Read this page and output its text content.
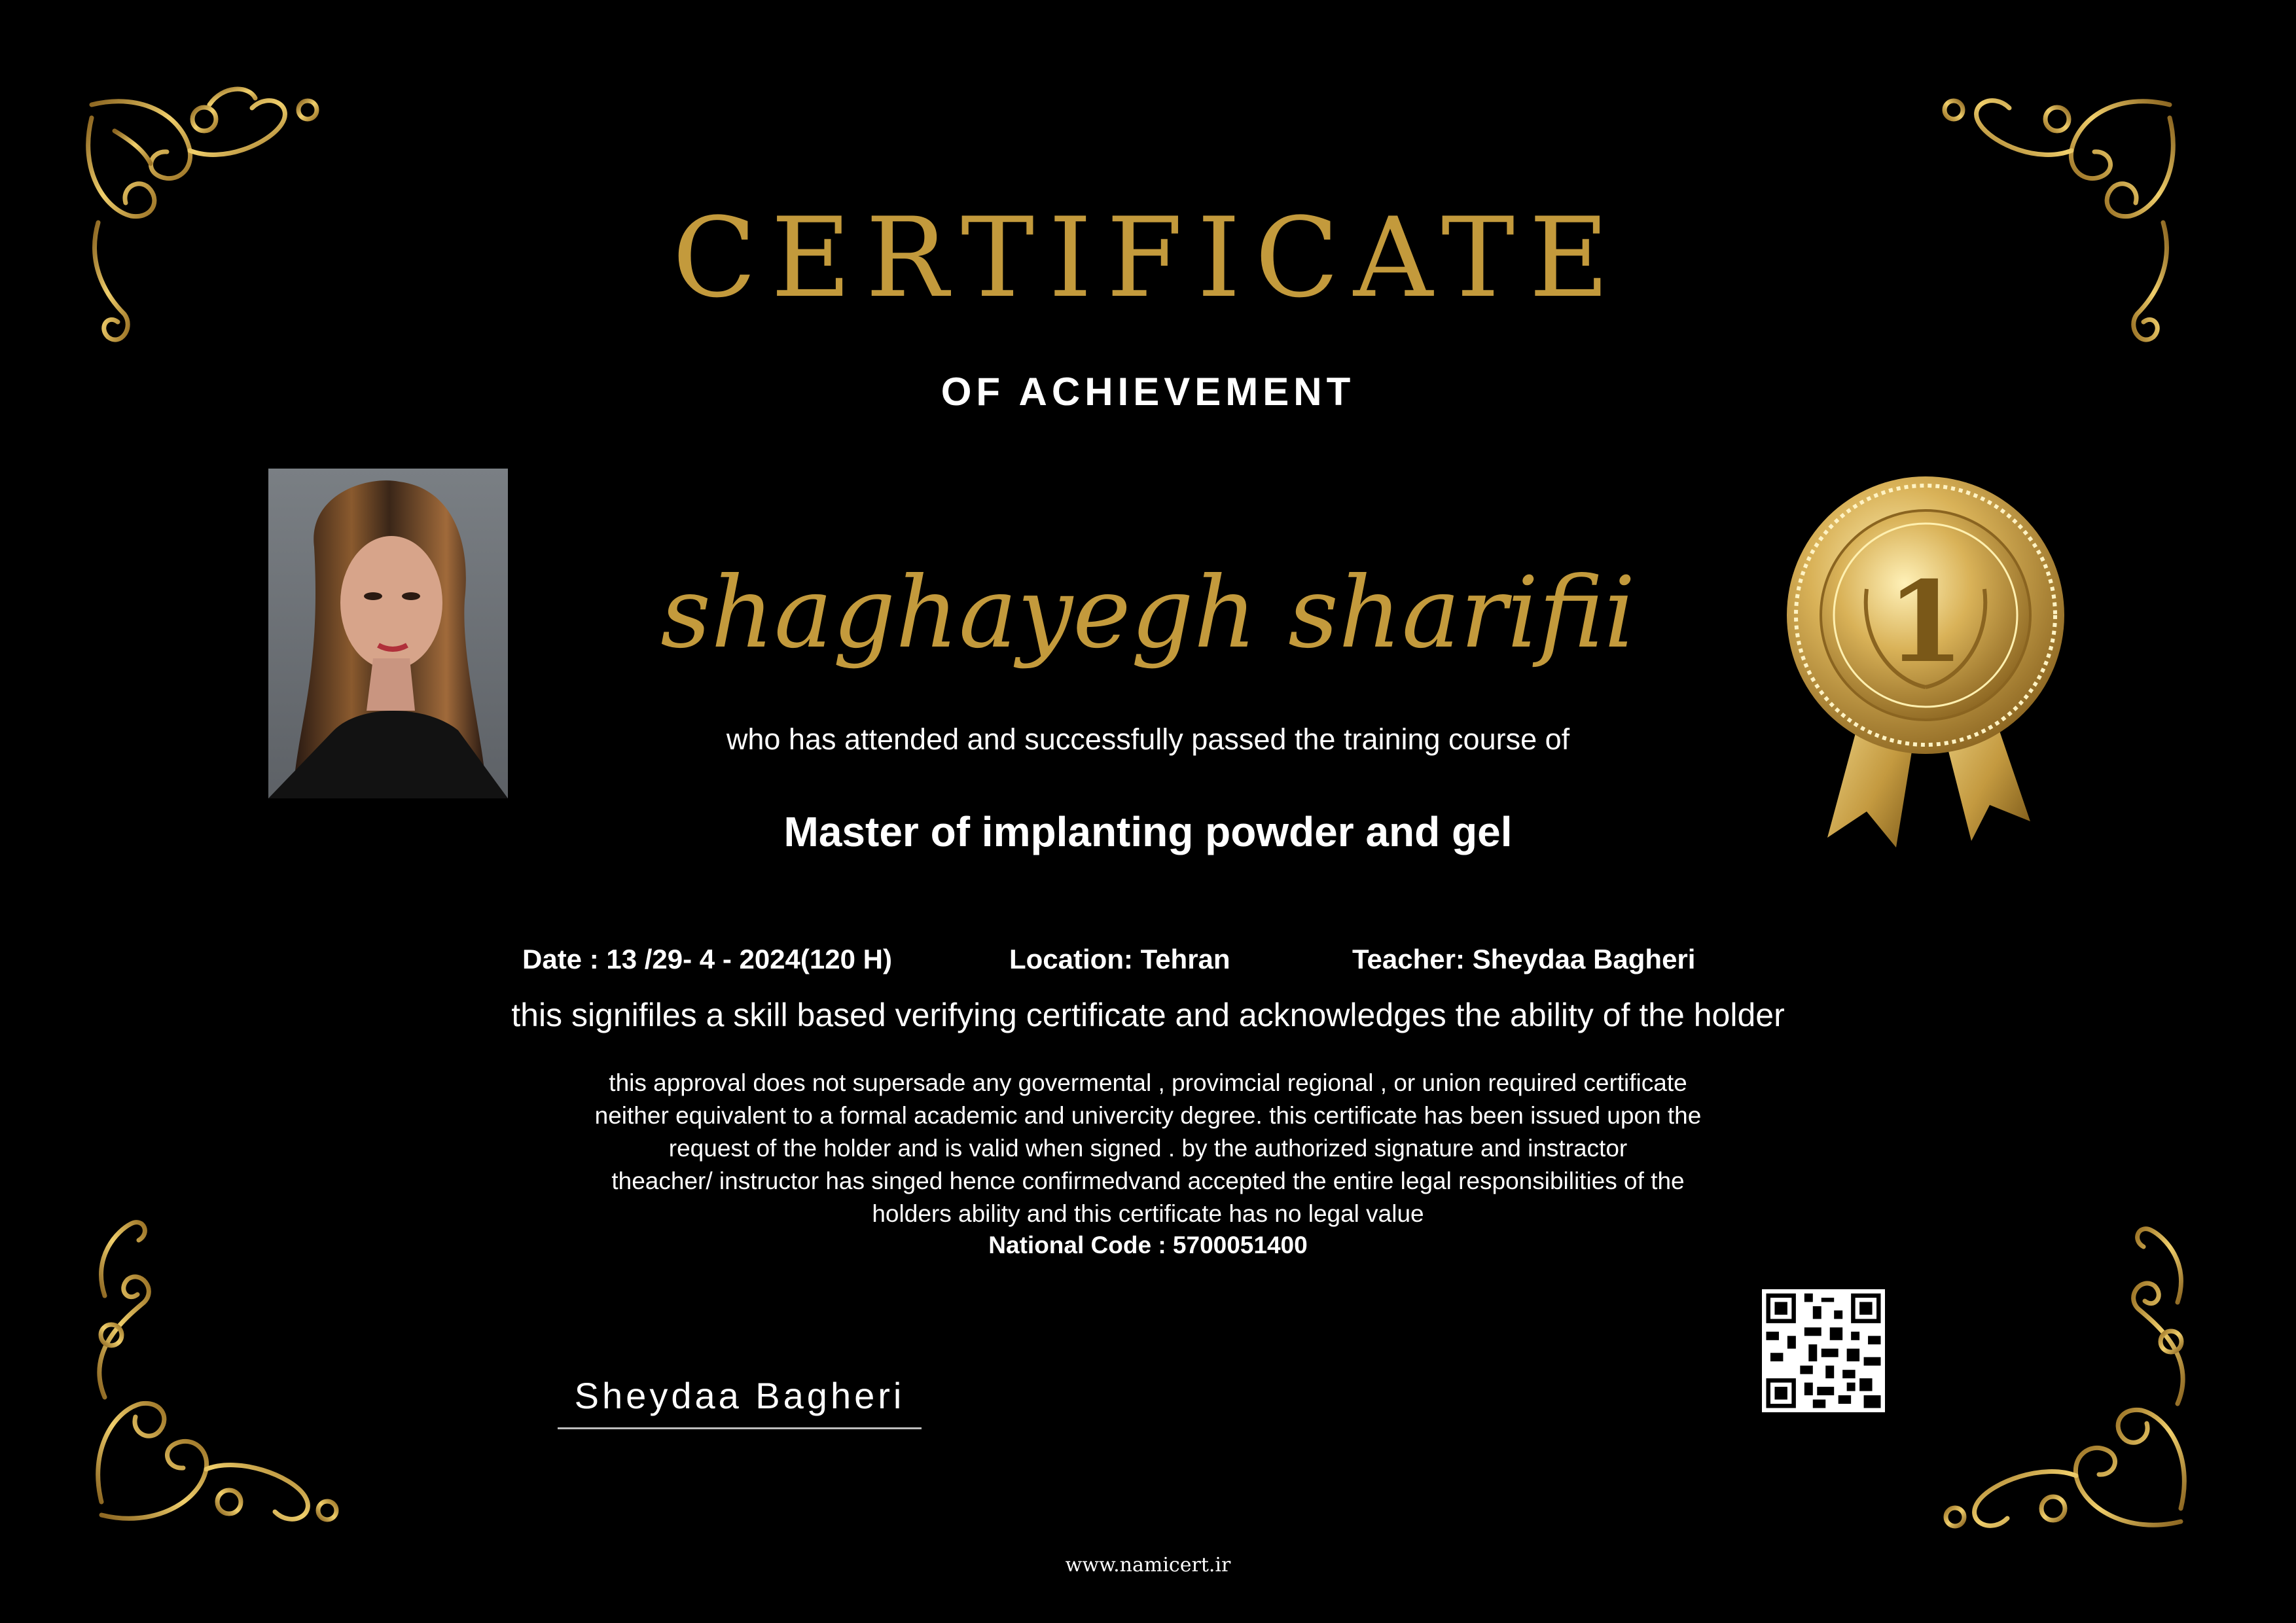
CERTIFICATE
OF ACHIEVEMENT
1
shaghayegh sharifii
who has attended and successfully passed the training course of
Master of implanting powder and gel
Date : 13 /29- 4 - 2024(120 H)	Location: Tehran	Teacher: Sheydaa Bagheri
this signifiles a skill based verifying certificate and acknowledges the ability of the holder
this approval does not supersade any govermental , provimcial regional , or union required certificate
neither equivalent to a formal academic and univercity degree. this certificate has been issued upon the
request of the holder and is valid when signed . by the authorized signature and instractor
theacher/ instructor has singed hence confirmedvand accepted the entire legal responsibilities of the
holders ability and this certificate has no legal value
National Code : 5700051400
Sheydaa Bagheri
www.namicert.ir
